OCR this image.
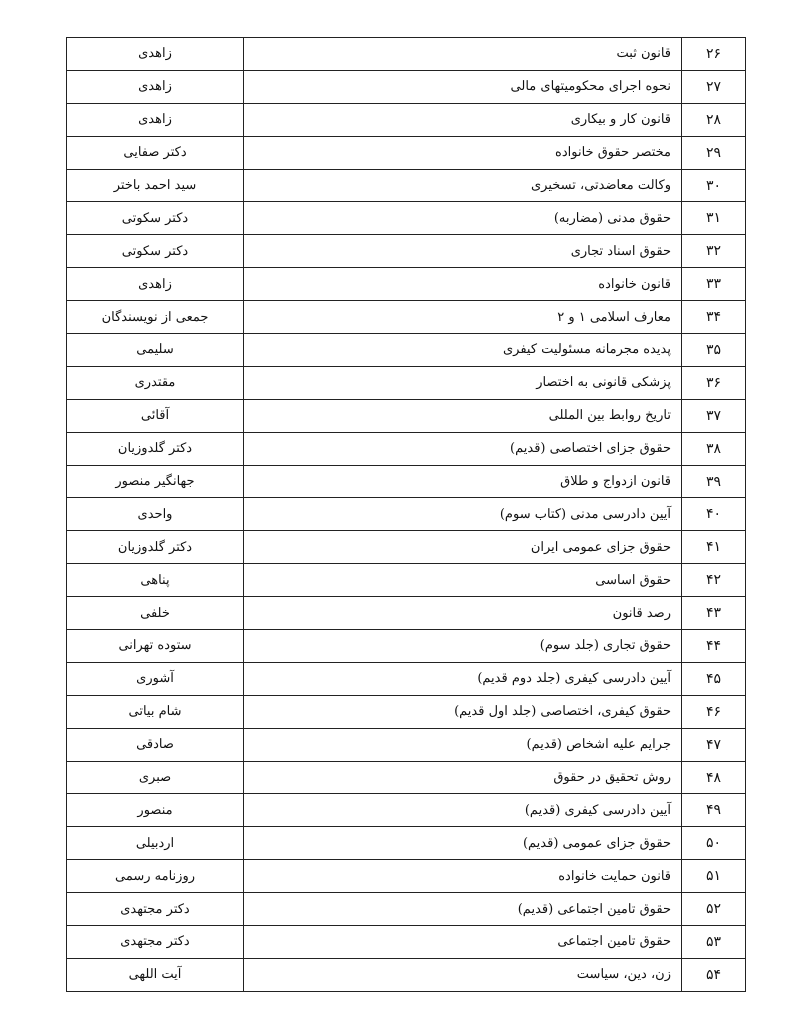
۲۶	قانون ثبت	زاهدی
۲۷	نحوه اجرای محکومیتهای مالی	زاهدی
۲۸	قانون کار و بیکاری	زاهدی
۲۹	مختصر حقوق خانواده	دکتر صفایی
۳۰	وکالت معاضدتی، تسخیری	سید احمد باختر
۳۱	حقوق مدنی (مضاربه)	دکتر سکوتی
۳۲	حقوق اسناد تجاری	دکتر سکوتی
۳۳	قانون خانواده	زاهدی
۳۴	معارف اسلامی ۱ و ۲	جمعی از نویسندگان
۳۵	پدیده مجرمانه مسئولیت کیفری	سلیمی
۳۶	پزشکی قانونی به اختصار	مقتدری
۳۷	تاریخ روابط بین المللی	آقائی
۳۸	حقوق جزای اختصاصی (قدیم)	دکتر گلدوزیان
۳۹	قانون ازدواج و طلاق	جهانگیر منصور
۴۰	آیین دادرسی مدنی (کتاب سوم)	واحدی
۴۱	حقوق جزای عمومی ایران	دکتر گلدوزیان
۴۲	حقوق اساسی	پناهی
۴۳	رصد قانون	خلفی
۴۴	حقوق تجاری (جلد سوم)	ستوده تهرانی
۴۵	آیین دادرسی کیفری (جلد دوم قدیم)	آشوری
۴۶	حقوق کیفری، اختصاصی (جلد اول قدیم)	شام بیاتی
۴۷	جرایم علیه اشخاص (قدیم)	صادقی
۴۸	روش تحقیق در حقوق	صبری
۴۹	آیین دادرسی کیفری (قدیم)	منصور
۵۰	حقوق جزای عمومی (قدیم)	اردبیلی
۵۱	قانون حمایت خانواده	روزنامه رسمی
۵۲	حقوق تامین اجتماعی (قدیم)	دکتر مجتهدی
۵۳	حقوق تامین اجتماعی	دکتر مجتهدی
۵۴	زن، دین، سیاست	آیت اللهی
